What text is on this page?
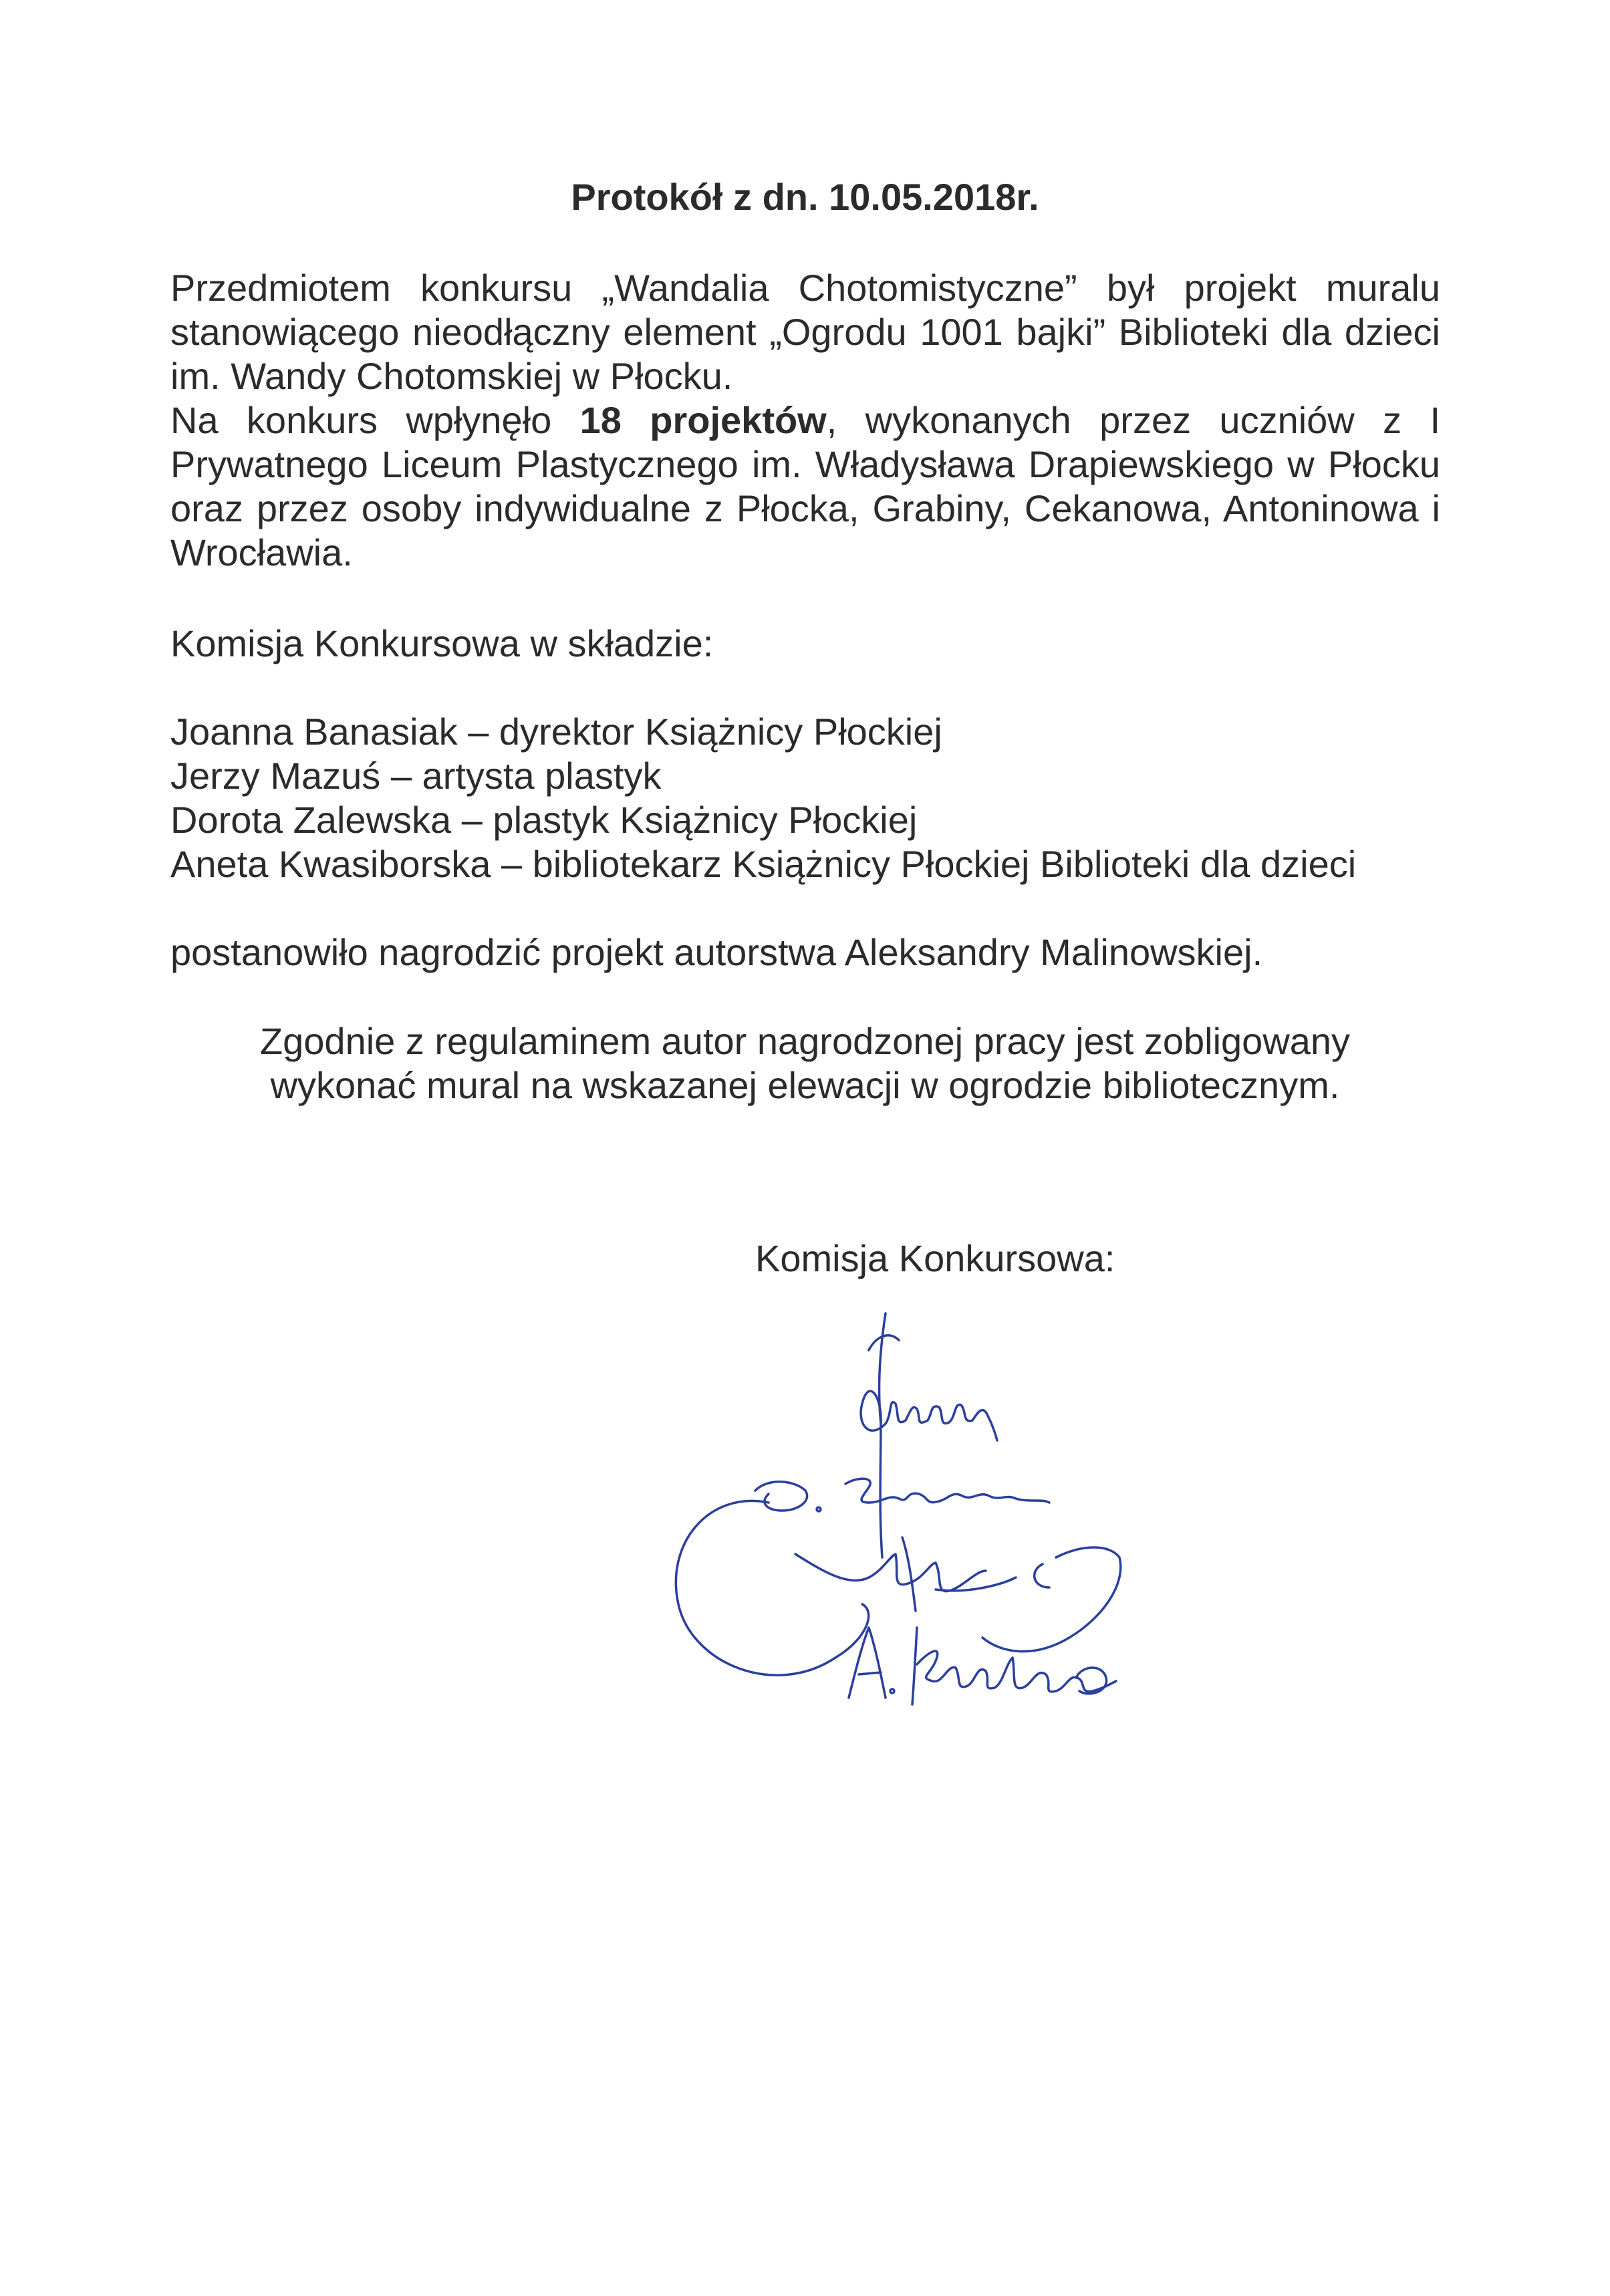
Protokół z dn. 10.05.2018r.

Przedmiotem konkursu „Wandalia Chotomistyczne” był projekt muralu stanowiącego nieodłączny element „Ogrodu 1001 bajki” Biblioteki dla dzieci im. Wandy Chotomskiej w Płocku.

Na konkurs wpłynęło 18 projektów, wykonanych przez uczniów z I Prywatnego Liceum Plastycznego im. Władysława Drapiewskiego w Płocku oraz przez osoby indywidualne z Płocka, Grabiny, Cekanowa, Antoninowa i Wrocławia.

Komisja Konkursowa w składzie:

Joanna Banasiak – dyrektor Książnicy Płockiej

Jerzy Mazuś – artysta plastyk

Dorota Zalewska – plastyk Książnicy Płockiej

Aneta Kwasiborska – bibliotekarz Książnicy Płockiej Biblioteki dla dzieci

postanowiło nagrodzić projekt autorstwa Aleksandry Malinowskiej.

Zgodnie z regulaminem autor nagrodzonej pracy jest zobligowany

wykonać mural na wskazanej elewacji w ogrodzie bibliotecznym.

Komisja Konkursowa:
